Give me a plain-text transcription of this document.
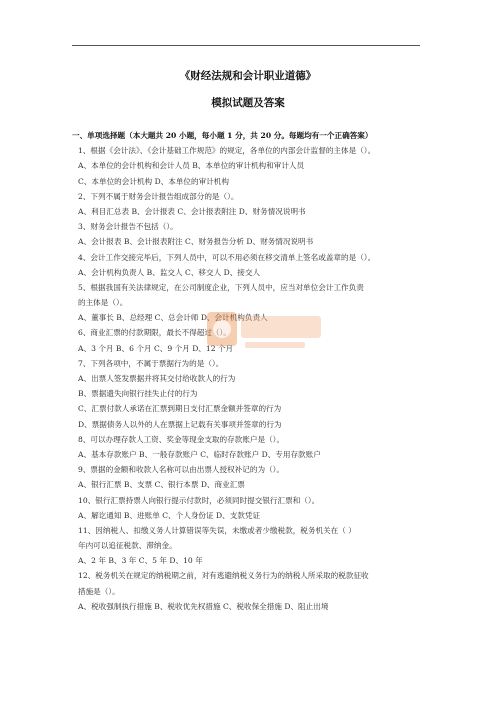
《财经法规和会计职业道德》
模拟试题及答案
一、单项选择题（本大题共 20 小题，每小题 1 分，共 20 分。每题均有一个正确答案）
1、根据《会计法》、《会计基础工作规范》的规定，各单位的内部会计监督的主体是（）。
A、本单位的会计机构和会计人员 B、本单位的审计机构和审计人员
C、本单位的会计机构 D、本单位的审计机构
2、下列不属于财务会计报告组成部分的是（）。
A、利目汇总表 B、会计报表 C、会计报表附注 D、财务情况说明书
3、财务会计报告不包括（）。
A、会计报表 B、会计报表附注 C、财务报告分析 D、财务情况说明书
4、会计工作交接完毕后，下列人员中，可以不用必须在移交清单上签名或盖章的是（）。
A、会计机构负责人 B、监交人 C、移交人 D、接交人
5、根据我国有关法律规定，在公司制度企业，下列人员中，应当对单位会计工作负责
的主体是（）。
A、董事长 B、总经理 C、总会计师 D、会计机构负责人
6、商业汇票的付款期限，最长不得超过（）。
A、3 个月 B、6 个月 C、9 个月 D、12 个月
7、下列各项中，不属于票据行为的是（）。
A、出票人签发票据并将其交付给收款人的行为
B、票据遗失向银行挂失止付的行为
C、汇票付款人承诺在汇票到期日支付汇票金额并签章的行为
D、票据债务人以外的人在票据上记载有关事项并签章的行为
8、可以办理存款人工资、奖金等现金支取的存款账户是（）。
A、基本存款账户 B、一般存款账户 C、临时存款账户 D、专用存款账户
9、票据的金额和收款人名称可以由出票人授权补记的为（）。
A、银行汇票 B、支票 C、银行本票 D、商业汇票
10、银行汇票持票人向银行提示付款时，必须同时提交银行汇票和（）。
A、解讫通知 B、进账单 C、个人身份证 D、支款凭证
11、因纳税人、扣缴义务人计算错误等失误，未缴或者少缴税款，税务机关在（ ）
年内可以追征税款、滞纳金。
A、2 年 B、3 年 C、5 年 D、10 年
12、税务机关在规定的纳税期之前，对有逃避纳税义务行为的纳税人所采取的税款征收
措施是（）。
A、税收强制执行措施 B、税收优先权措施 C、税收保全措施 D、阻止出境
